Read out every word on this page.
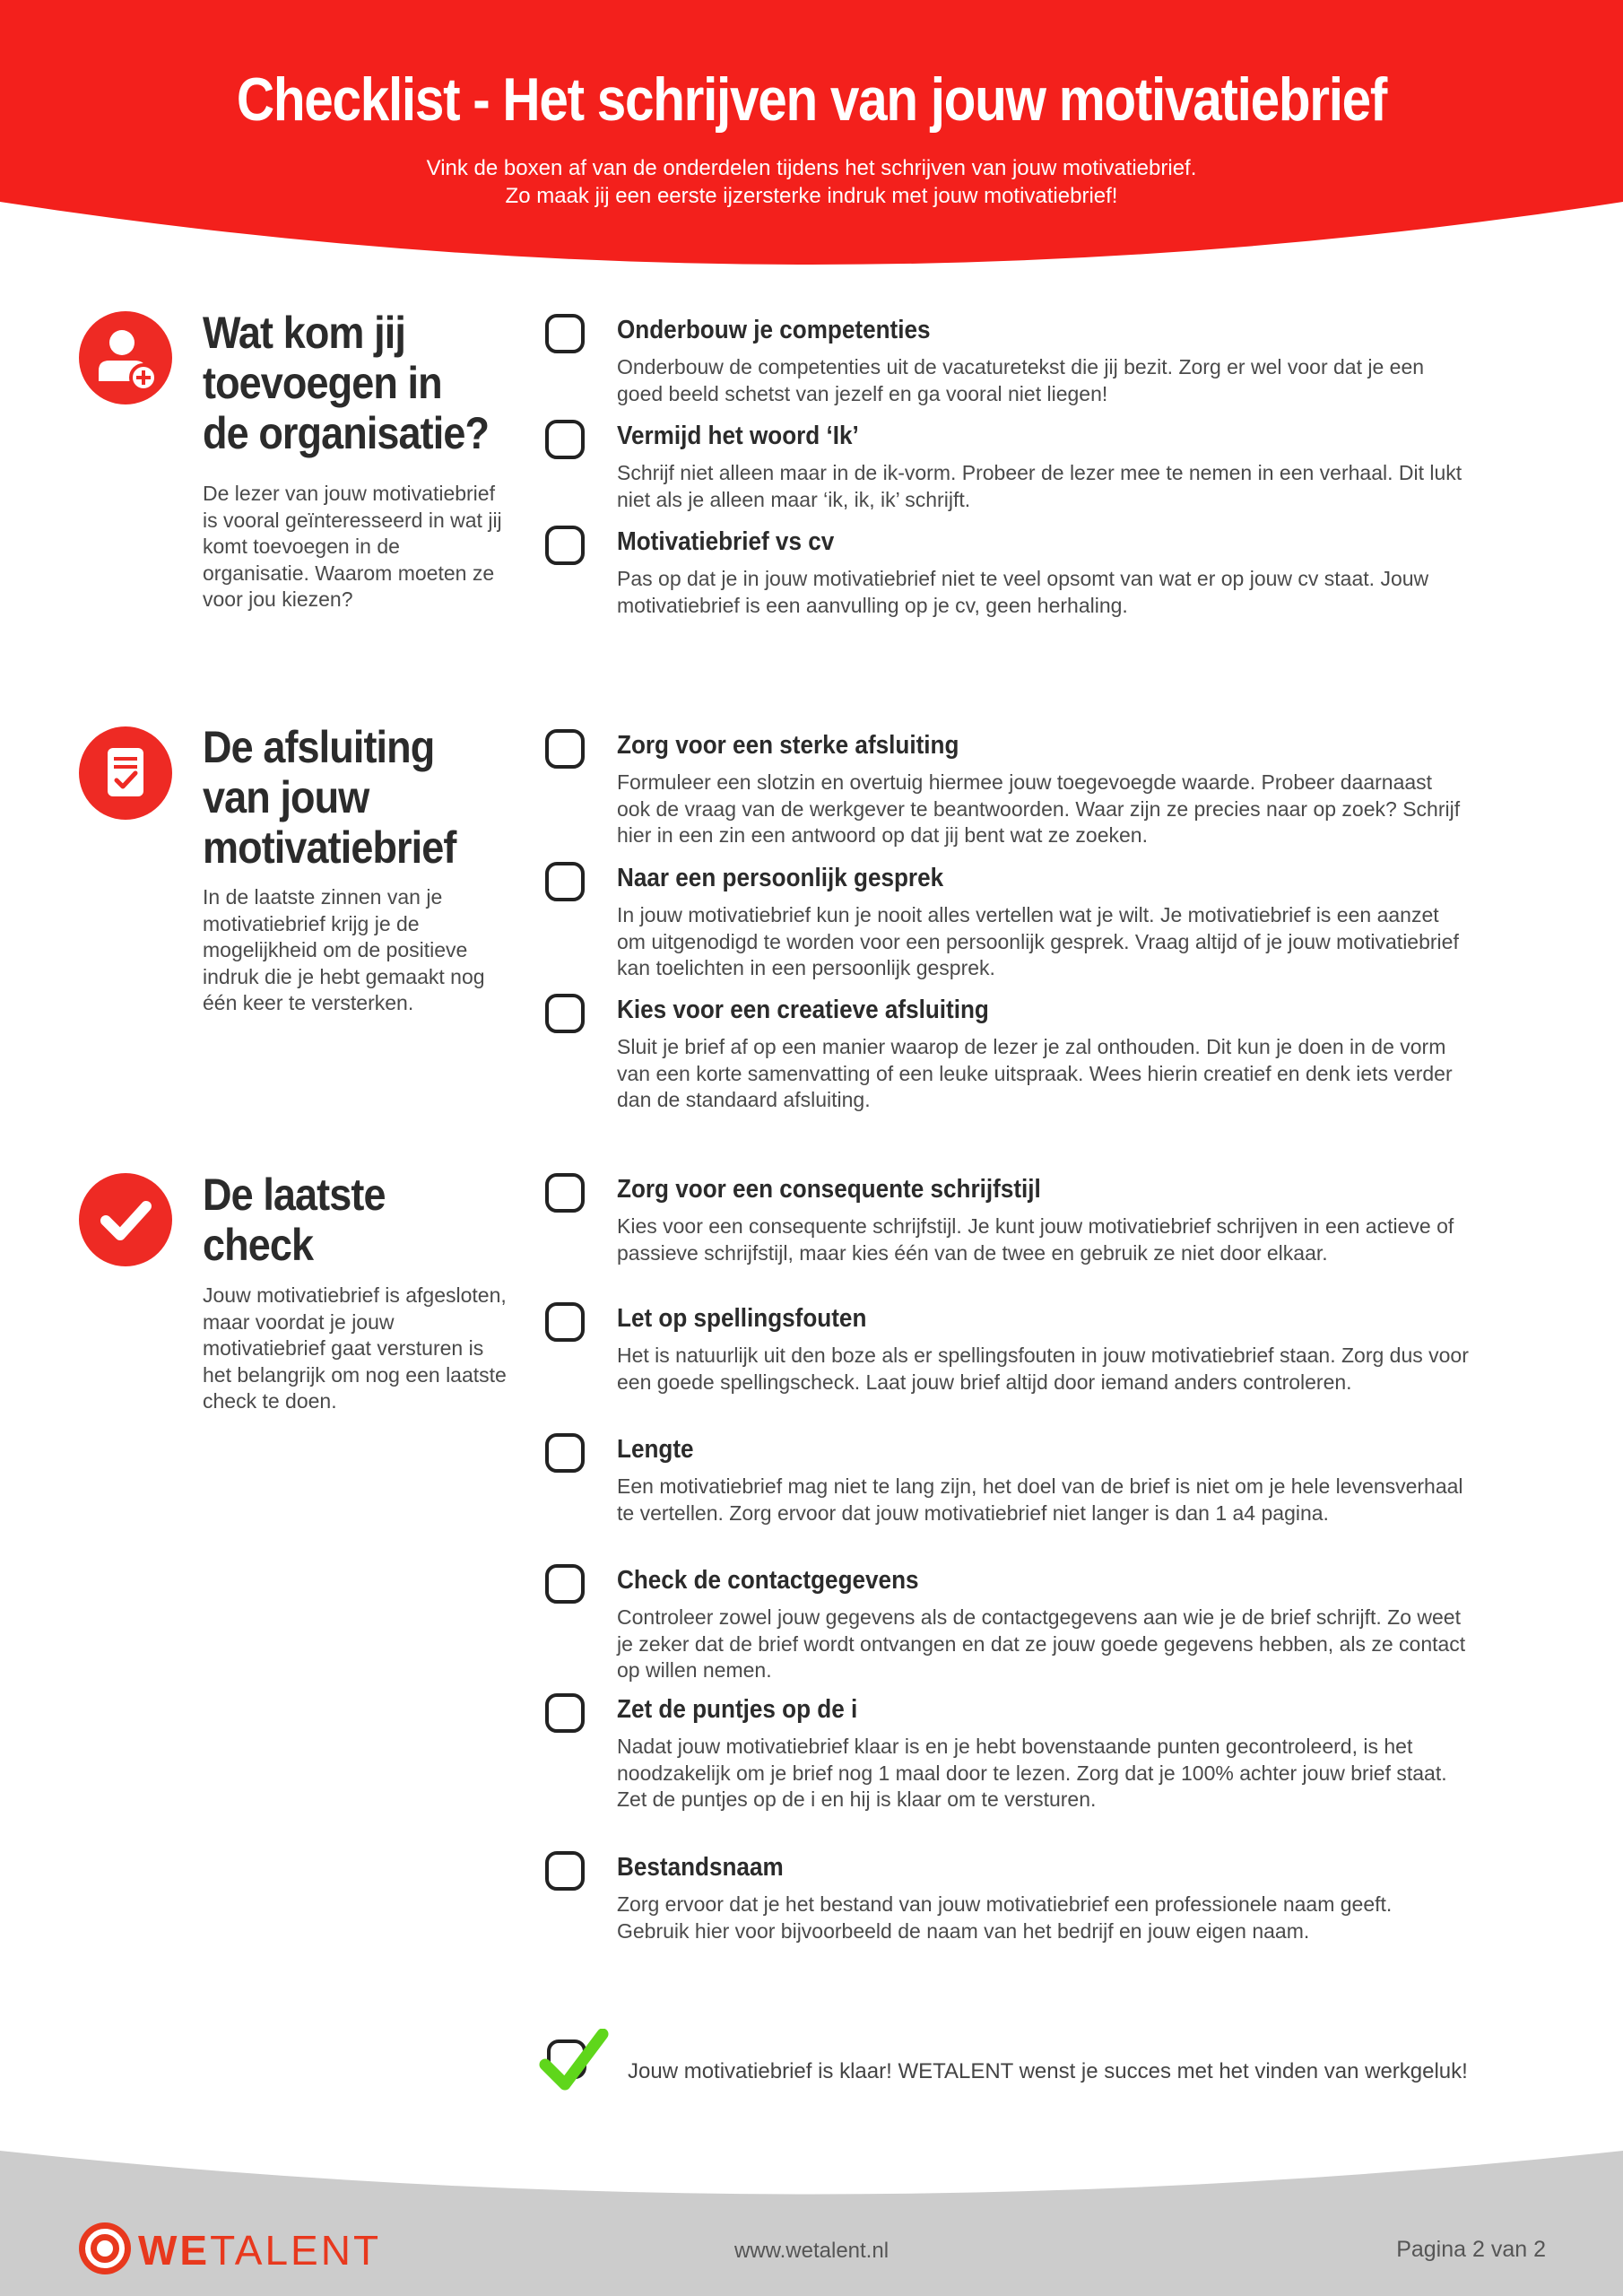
Checklist - Het schrijven van jouw motivatiebrief
Vink de boxen af van de onderdelen tijdens het schrijven van jouw motivatiebrief.
Zo maak jij een eerste ijzersterke indruk met jouw motivatiebrief!
Wat kom jij toevoegen in de organisatie?
De lezer van jouw motivatiebrief is vooral geïnteresseerd in wat jij komt toevoegen in de organisatie. Waarom moeten ze voor jou kiezen?
Onderbouw je competenties
Onderbouw de competenties uit de vacaturetekst die jij bezit. Zorg er wel voor dat je een goed beeld schetst van jezelf en ga vooral niet liegen!
Vermijd het woord ‘Ik’
Schrijf niet alleen maar in de ik-vorm. Probeer de lezer mee te nemen in een verhaal. Dit lukt niet als je alleen maar ‘ik, ik, ik’ schrijft.
Motivatiebrief vs cv
Pas op dat je in jouw motivatiebrief niet te veel opsomt van wat er op jouw cv staat. Jouw motivatiebrief is een aanvulling op je cv, geen herhaling.
De afsluiting van jouw motivatiebrief
In de laatste zinnen van je motivatiebrief krijg je de mogelijkheid om de positieve indruk die je hebt gemaakt nog één keer te versterken.
Zorg voor een sterke afsluiting
Formuleer een slotzin en overtuig hiermee jouw toegevoegde waarde. Probeer daarnaast ook de vraag van de werkgever te beantwoorden. Waar zijn ze precies naar op zoek? Schrijf hier in een zin een antwoord op dat jij bent wat ze zoeken.
Naar een persoonlijk gesprek
In jouw motivatiebrief kun je nooit alles vertellen wat je wilt. Je motivatiebrief is een aanzet om uitgenodigd te worden voor een persoonlijk gesprek. Vraag altijd of je jouw motivatiebrief kan toelichten in een persoonlijk gesprek.
Kies voor een creatieve afsluiting
Sluit je brief af op een manier waarop de lezer je zal onthouden. Dit kun je doen in de vorm van een korte samenvatting of een leuke uitspraak. Wees hierin creatief en denk iets verder dan de standaard afsluiting.
De laatste check
Jouw motivatiebrief is afgesloten, maar voordat je jouw motivatiebrief gaat versturen is het belangrijk om nog een laatste check te doen.
Zorg voor een consequente schrijfstijl
Kies voor een consequente schrijfstijl. Je kunt jouw motivatiebrief schrijven in een actieve of passieve schrijfstijl, maar kies één van de twee en gebruik ze niet door elkaar.
Let op spellingsfouten
Het is natuurlijk uit den boze als er spellingsfouten in jouw motivatiebrief staan. Zorg dus voor een goede spellingscheck. Laat jouw brief altijd door iemand anders controleren.
Lengte
Een motivatiebrief mag niet te lang zijn, het doel van de brief is niet om je hele levensverhaal te vertellen. Zorg ervoor dat jouw motivatiebrief niet langer is dan 1 a4 pagina.
Check de contactgegevens
Controleer zowel jouw gegevens als de contactgegevens aan wie je de brief schrijft. Zo weet je zeker dat de brief wordt ontvangen en dat ze jouw goede gegevens hebben, als ze contact op willen nemen.
Zet de puntjes op de i
Nadat jouw motivatiebrief klaar is en je hebt bovenstaande punten gecontroleerd, is het noodzakelijk om je brief nog 1 maal door te lezen. Zorg dat je 100% achter jouw brief staat. Zet de puntjes op de i en hij is klaar om te versturen.
Bestandsnaam
Zorg ervoor dat je het bestand van jouw motivatiebrief een professionele naam geeft. Gebruik hier voor bijvoorbeeld de naam van het bedrijf en jouw eigen naam.
Jouw motivatiebrief is klaar! WETALENT wenst je succes met het vinden van werkgeluk!
WETALENT	www.wetalent.nl	Pagina 2 van 2
